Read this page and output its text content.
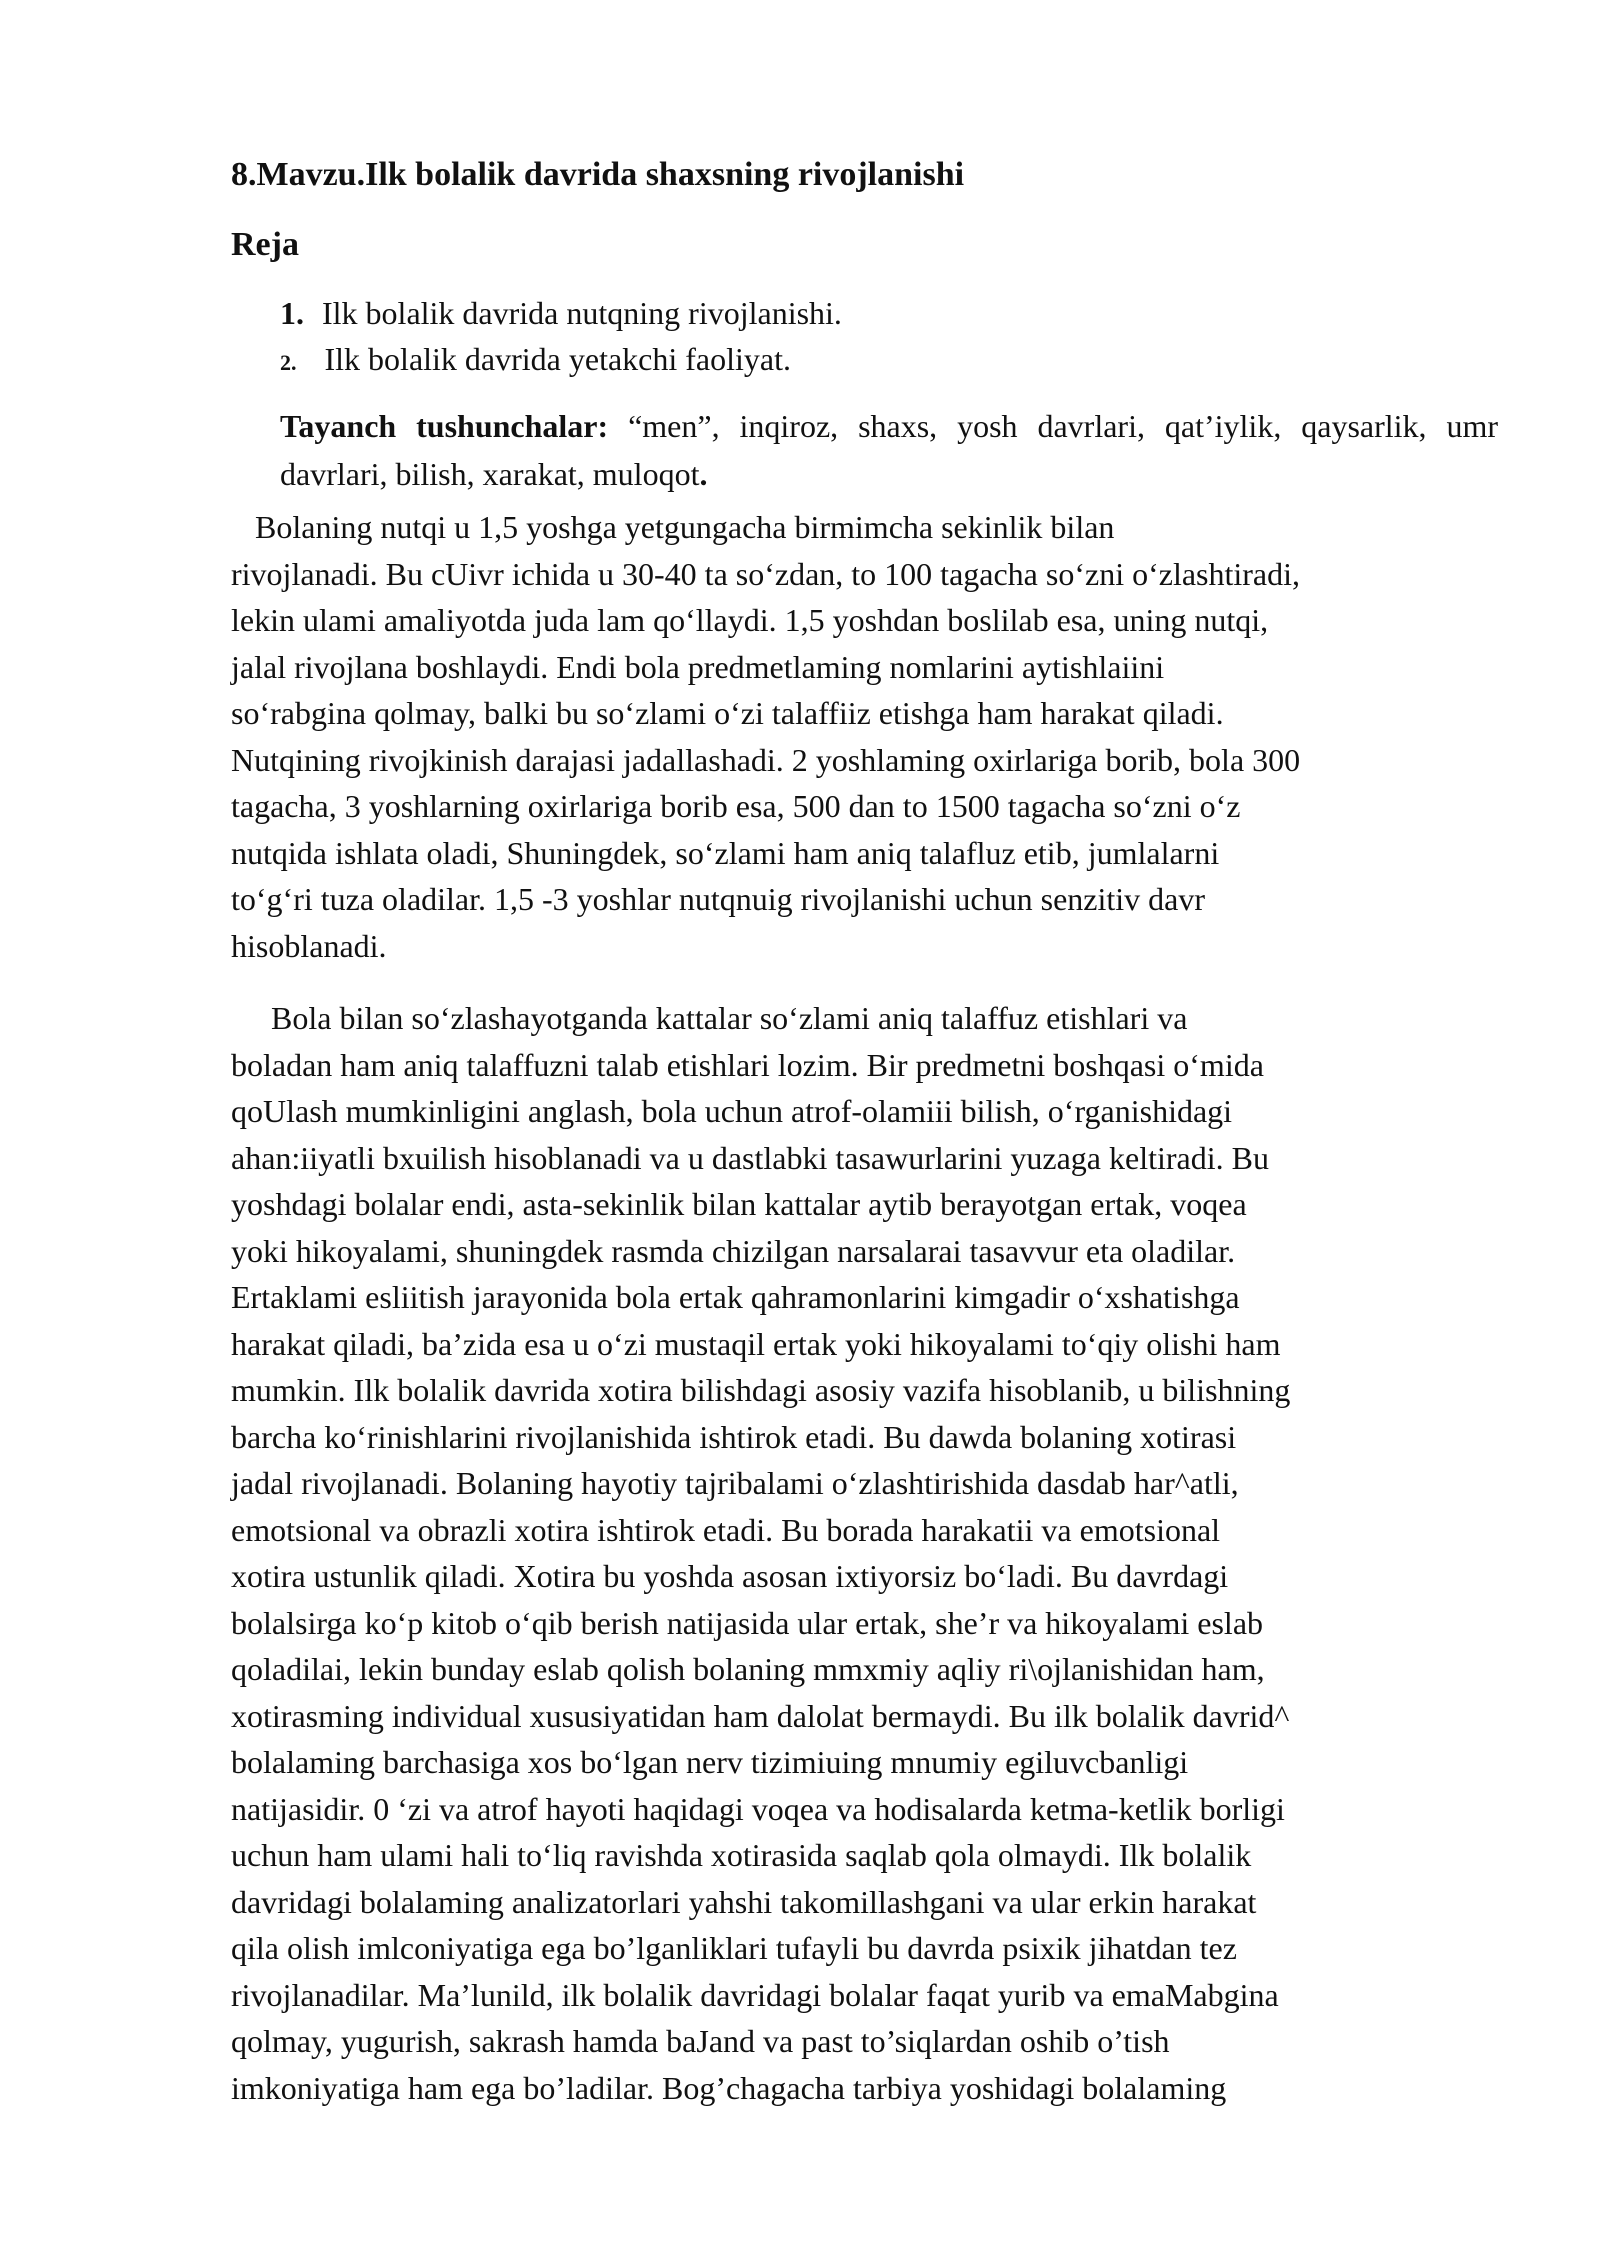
8.Mavzu.Ilk bolalik davrida shaxsning rivojlanishi
Reja
1. Ilk bolalik davrida nutqning rivojlanishi.
2. Ilk bolalik davrida yetakchi faoliyat.
Tayanch tushunchalar: “men”, inqiroz, shaxs, yosh davrlari, qat’iylik, qaysarlik, umr davrlari, bilish, xarakat, muloqot.
Bolaning nutqi u 1,5 yoshga yetgungacha birmimcha sekinlik bilan
rivojlanadi. Bu cUivr ichida u 30-40 ta so‘zdan, to 100 tagacha so‘zni o‘zlashtiradi,
lekin ulami amaliyotda juda lam qo‘llaydi. 1,5 yoshdan boslilab esa, uning nutqi,
jalal rivojlana boshlaydi. Endi bola predmetlaming nomlarini aytishlaiini
so‘rabgina qolmay, balki bu so‘zlami o‘zi talaffiiz etishga ham harakat qiladi.
Nutqining rivojkinish darajasi jadallashadi. 2 yoshlaming oxirlariga borib, bola 300
tagacha, 3 yoshlarning oxirlariga borib esa, 500 dan to 1500 tagacha so‘zni o‘z
nutqida ishlata oladi, Shuningdek, so‘zlami ham aniq talafluz etib, jumlalarni
to‘g‘ri tuza oladilar. 1,5 -3 yoshlar nutqnuig rivojlanishi uchun senzitiv davr
hisoblanadi.
Bola bilan so‘zlashayotganda kattalar so‘zlami aniq talaffuz etishlari va
boladan ham aniq talaffuzni talab etishlari lozim. Bir predmetni boshqasi o‘mida
qoUlash mumkinligini anglash, bola uchun atrof-olamiii bilish, o‘rganishidagi
ahan:iiyatli bxuilish hisoblanadi va u dastlabki tasawurlarini yuzaga keltiradi. Bu
yoshdagi bolalar endi, asta-sekinlik bilan kattalar aytib berayotgan ertak, voqea
yoki hikoyalami, shuningdek rasmda chizilgan narsalarai tasavvur eta oladilar.
Ertaklami esliitish jarayonida bola ertak qahramonlarini kimgadir o‘xshatishga
harakat qiladi, ba’zida esa u o‘zi mustaqil ertak yoki hikoyalami to‘qiy olishi ham
mumkin. Ilk bolalik davrida xotira bilishdagi asosiy vazifa hisoblanib, u bilishning
barcha ko‘rinishlarini rivojlanishida ishtirok etadi. Bu dawda bolaning xotirasi
jadal rivojlanadi. Bolaning hayotiy tajribalami o‘zlashtirishida dasdab har^atli,
emotsional va obrazli xotira ishtirok etadi. Bu borada harakatii va emotsional
xotira ustunlik qiladi. Xotira bu yoshda asosan ixtiyorsiz bo‘ladi. Bu davrdagi
bolalsirga ko‘p kitob o‘qib berish natijasida ular ertak, she’r va hikoyalami eslab
qoladilai, lekin bunday eslab qolish bolaning mmxmiy aqliy ri\ojlanishidan ham,
xotirasming individual xususiyatidan ham dalolat bermaydi. Bu ilk bolalik davrid^
bolalaming barchasiga xos bo‘lgan nerv tizimiuing mnumiy egiluvcbanligi
natijasidir. 0 ‘zi va atrof hayoti haqidagi voqea va hodisalarda ketma-ketlik borligi
uchun ham ulami hali to‘liq ravishda xotirasida saqlab qola olmaydi. Ilk bolalik
davridagi bolalaming analizatorlari yahshi takomillashgani va ular erkin harakat
qila olish imlconiyatiga ega bo’lganliklari tufayli bu davrda psixik jihatdan tez
rivojlanadilar. Ma’lunild, ilk bolalik davridagi bolalar faqat yurib va emaMabgina
qolmay, yugurish, sakrash hamda baJand va past to’siqlardan oshib o’tish
imkoniyatiga ham ega bo’ladilar. Bog’chagacha tarbiya yoshidagi bolalaming
